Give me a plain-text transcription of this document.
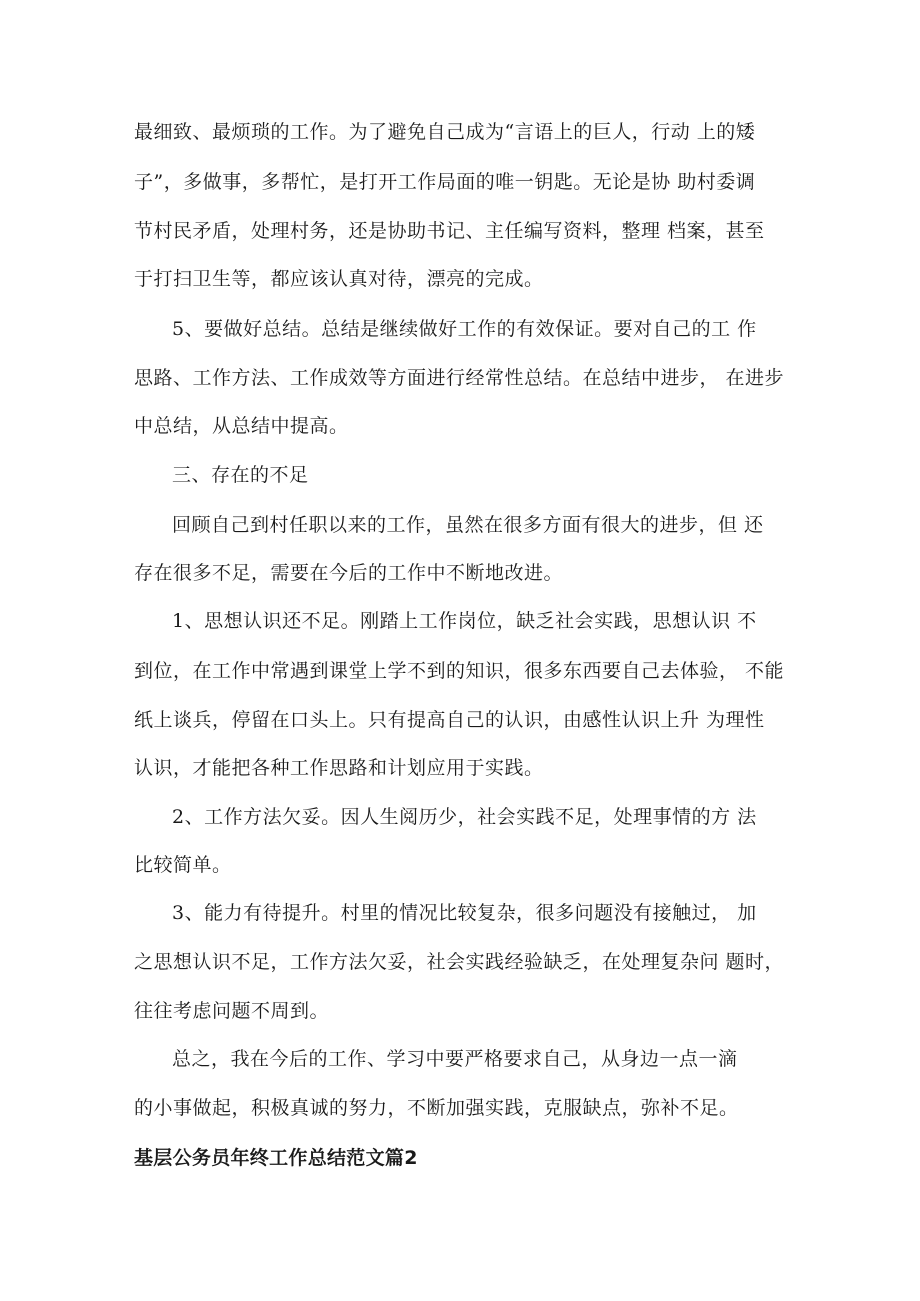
最细致、最烦琐的工作。为了避免自己成为“言语上的巨人，行动 上的矮
子”，多做事，多帮忙，是打开工作局面的唯一钥匙。无论是协 助村委调
节村民矛盾，处理村务，还是协助书记、主任编写资料，整理 档案，甚至
于打扫卫生等，都应该认真对待，漂亮的完成。
5、要做好总结。总结是继续做好工作的有效保证。要对自己的工 作
思路、工作方法、工作成效等方面进行经常性总结。在总结中进步， 在进步
中总结，从总结中提高。
三、存在的不足
回顾自己到村任职以来的工作，虽然在很多方面有很大的进步，但 还
存在很多不足，需要在今后的工作中不断地改进。
1、思想认识还不足。刚踏上工作岗位，缺乏社会实践，思想认识 不
到位，在工作中常遇到课堂上学不到的知识，很多东西要自己去体验， 不能
纸上谈兵，停留在口头上。只有提高自己的认识，由感性认识上升 为理性
认识，才能把各种工作思路和计划应用于实践。
2、工作方法欠妥。因人生阅历少，社会实践不足，处理事情的方 法
比较简单。
3、能力有待提升。村里的情况比较复杂，很多问题没有接触过， 加
之思想认识不足，工作方法欠妥，社会实践经验缺乏，在处理复杂问 题时，
往往考虑问题不周到。
总之，我在今后的工作、学习中要严格要求自己，从身边一点一滴
的小事做起，积极真诚的努力，不断加强实践，克服缺点，弥补不足。
基层公务员年终工作总结范文篇2
